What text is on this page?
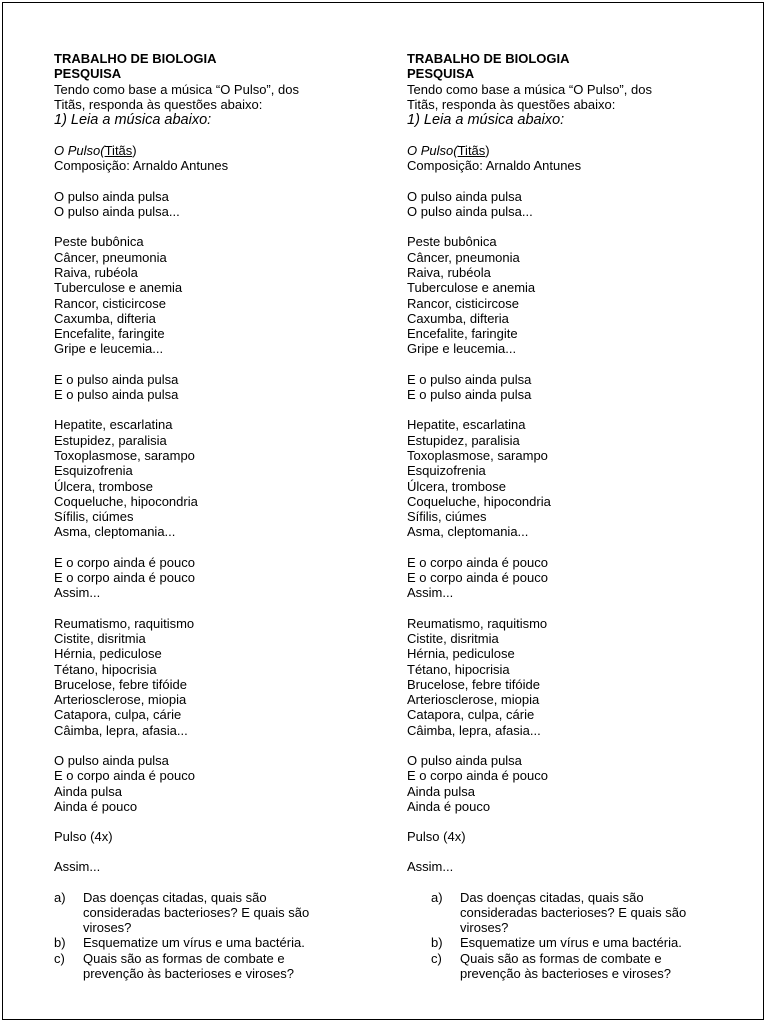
TRABALHO DE BIOLOGIA
PESQUISA
Tendo como base a música “O Pulso”, dos
Titãs, responda às questões abaixo:
1) Leia a música abaixo:
O Pulso(Titãs)
Composição: Arnaldo Antunes
O pulso ainda pulsa
O pulso ainda pulsa...
Peste bubônica
Câncer, pneumonia
Raiva, rubéola
Tuberculose e anemia
Rancor, cisticircose
Caxumba, difteria
Encefalite, faringite
Gripe e leucemia...
E o pulso ainda pulsa
E o pulso ainda pulsa
Hepatite, escarlatina
Estupidez, paralisia
Toxoplasmose, sarampo
Esquizofrenia
Úlcera, trombose
Coqueluche, hipocondria
Sífilis, ciúmes
Asma, cleptomania...
E o corpo ainda é pouco
E o corpo ainda é pouco
Assim...
Reumatismo, raquitismo
Cistite, disritmia
Hérnia, pediculose
Tétano, hipocrisia
Brucelose, febre tifóide
Arteriosclerose, miopia
Catapora, culpa, cárie
Câimba, lepra, afasia...
O pulso ainda pulsa
E o corpo ainda é pouco
Ainda pulsa
Ainda é pouco
Pulso (4x)
Assim...
a)	Das doenças citadas, quais são consideradas bacterioses? E quais são viroses?
b)	Esquematize um vírus e uma bactéria.
c)	Quais são as formas de combate e prevenção às bacterioses e viroses?
TRABALHO DE BIOLOGIA
PESQUISA
Tendo como base a música “O Pulso”, dos
Titãs, responda às questões abaixo:
1) Leia a música abaixo:
O Pulso(Titãs)
Composição: Arnaldo Antunes
O pulso ainda pulsa
O pulso ainda pulsa...
Peste bubônica
Câncer, pneumonia
Raiva, rubéola
Tuberculose e anemia
Rancor, cisticircose
Caxumba, difteria
Encefalite, faringite
Gripe e leucemia...
E o pulso ainda pulsa
E o pulso ainda pulsa
Hepatite, escarlatina
Estupidez, paralisia
Toxoplasmose, sarampo
Esquizofrenia
Úlcera, trombose
Coqueluche, hipocondria
Sífilis, ciúmes
Asma, cleptomania...
E o corpo ainda é pouco
E o corpo ainda é pouco
Assim...
Reumatismo, raquitismo
Cistite, disritmia
Hérnia, pediculose
Tétano, hipocrisia
Brucelose, febre tifóide
Arteriosclerose, miopia
Catapora, culpa, cárie
Câimba, lepra, afasia...
O pulso ainda pulsa
E o corpo ainda é pouco
Ainda pulsa
Ainda é pouco
Pulso (4x)
Assim...
a)	Das doenças citadas, quais são consideradas bacterioses? E quais são viroses?
b)	Esquematize um vírus e uma bactéria.
c)	Quais são as formas de combate e prevenção às bacterioses e viroses?
